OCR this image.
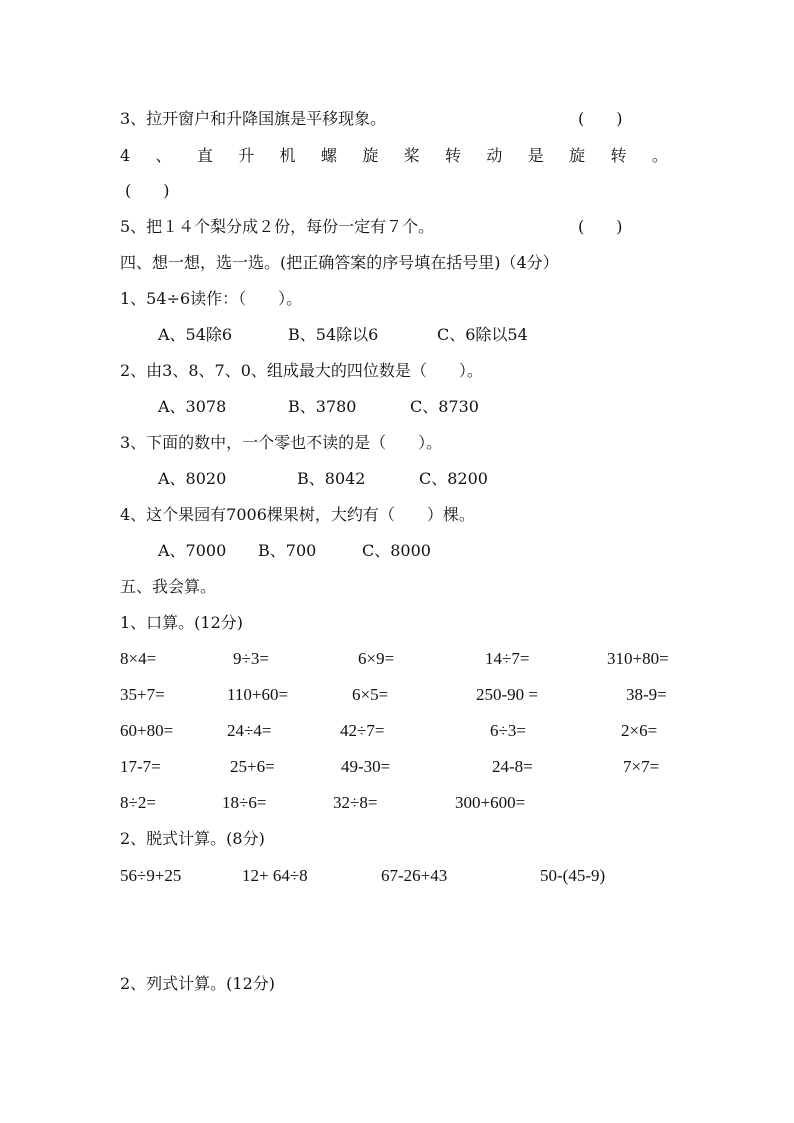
3、拉开窗户和升降国旗是平移现象。	(　　)
4 、 直 升 机 螺 旋 桨 转 动 是 旋 转 。
(　　)
5、把１４个梨分成２份，每份一定有７个。	(　　)
四、想一想，选一选。(把正确答案的序号填在括号里)（4分）
1、54÷6读作：（　　）。
A、54除6	B、54除以6	C、6除以54
2、由3、8、7、0、组成最大的四位数是（　　）。
A、3078	B、3780	C、8730
3、下面的数中，一个零也不读的是（　　）。
A、8020	B、8042	C、8200
4、这个果园有7006棵果树，大约有（　　）棵。
A、7000 B、700	C、8000
五、我会算。
1、口算。(12分)
8×4=	9÷3=	6×9=	14÷7=	310+80=
35+7=	110+60=	6×5=	250-90 =	38-9=
60+80=	24÷4=	42÷7=	6÷3=	2×6=
17-7=	25+6=	49-30=	24-8=	7×7=
8÷2=	18÷6=	32÷8=	300+600=
2、脱式计算。(8分)
56÷9+25	12+ 64÷8	67-26+43	50-(45-9)
2、列式计算。(12分)
